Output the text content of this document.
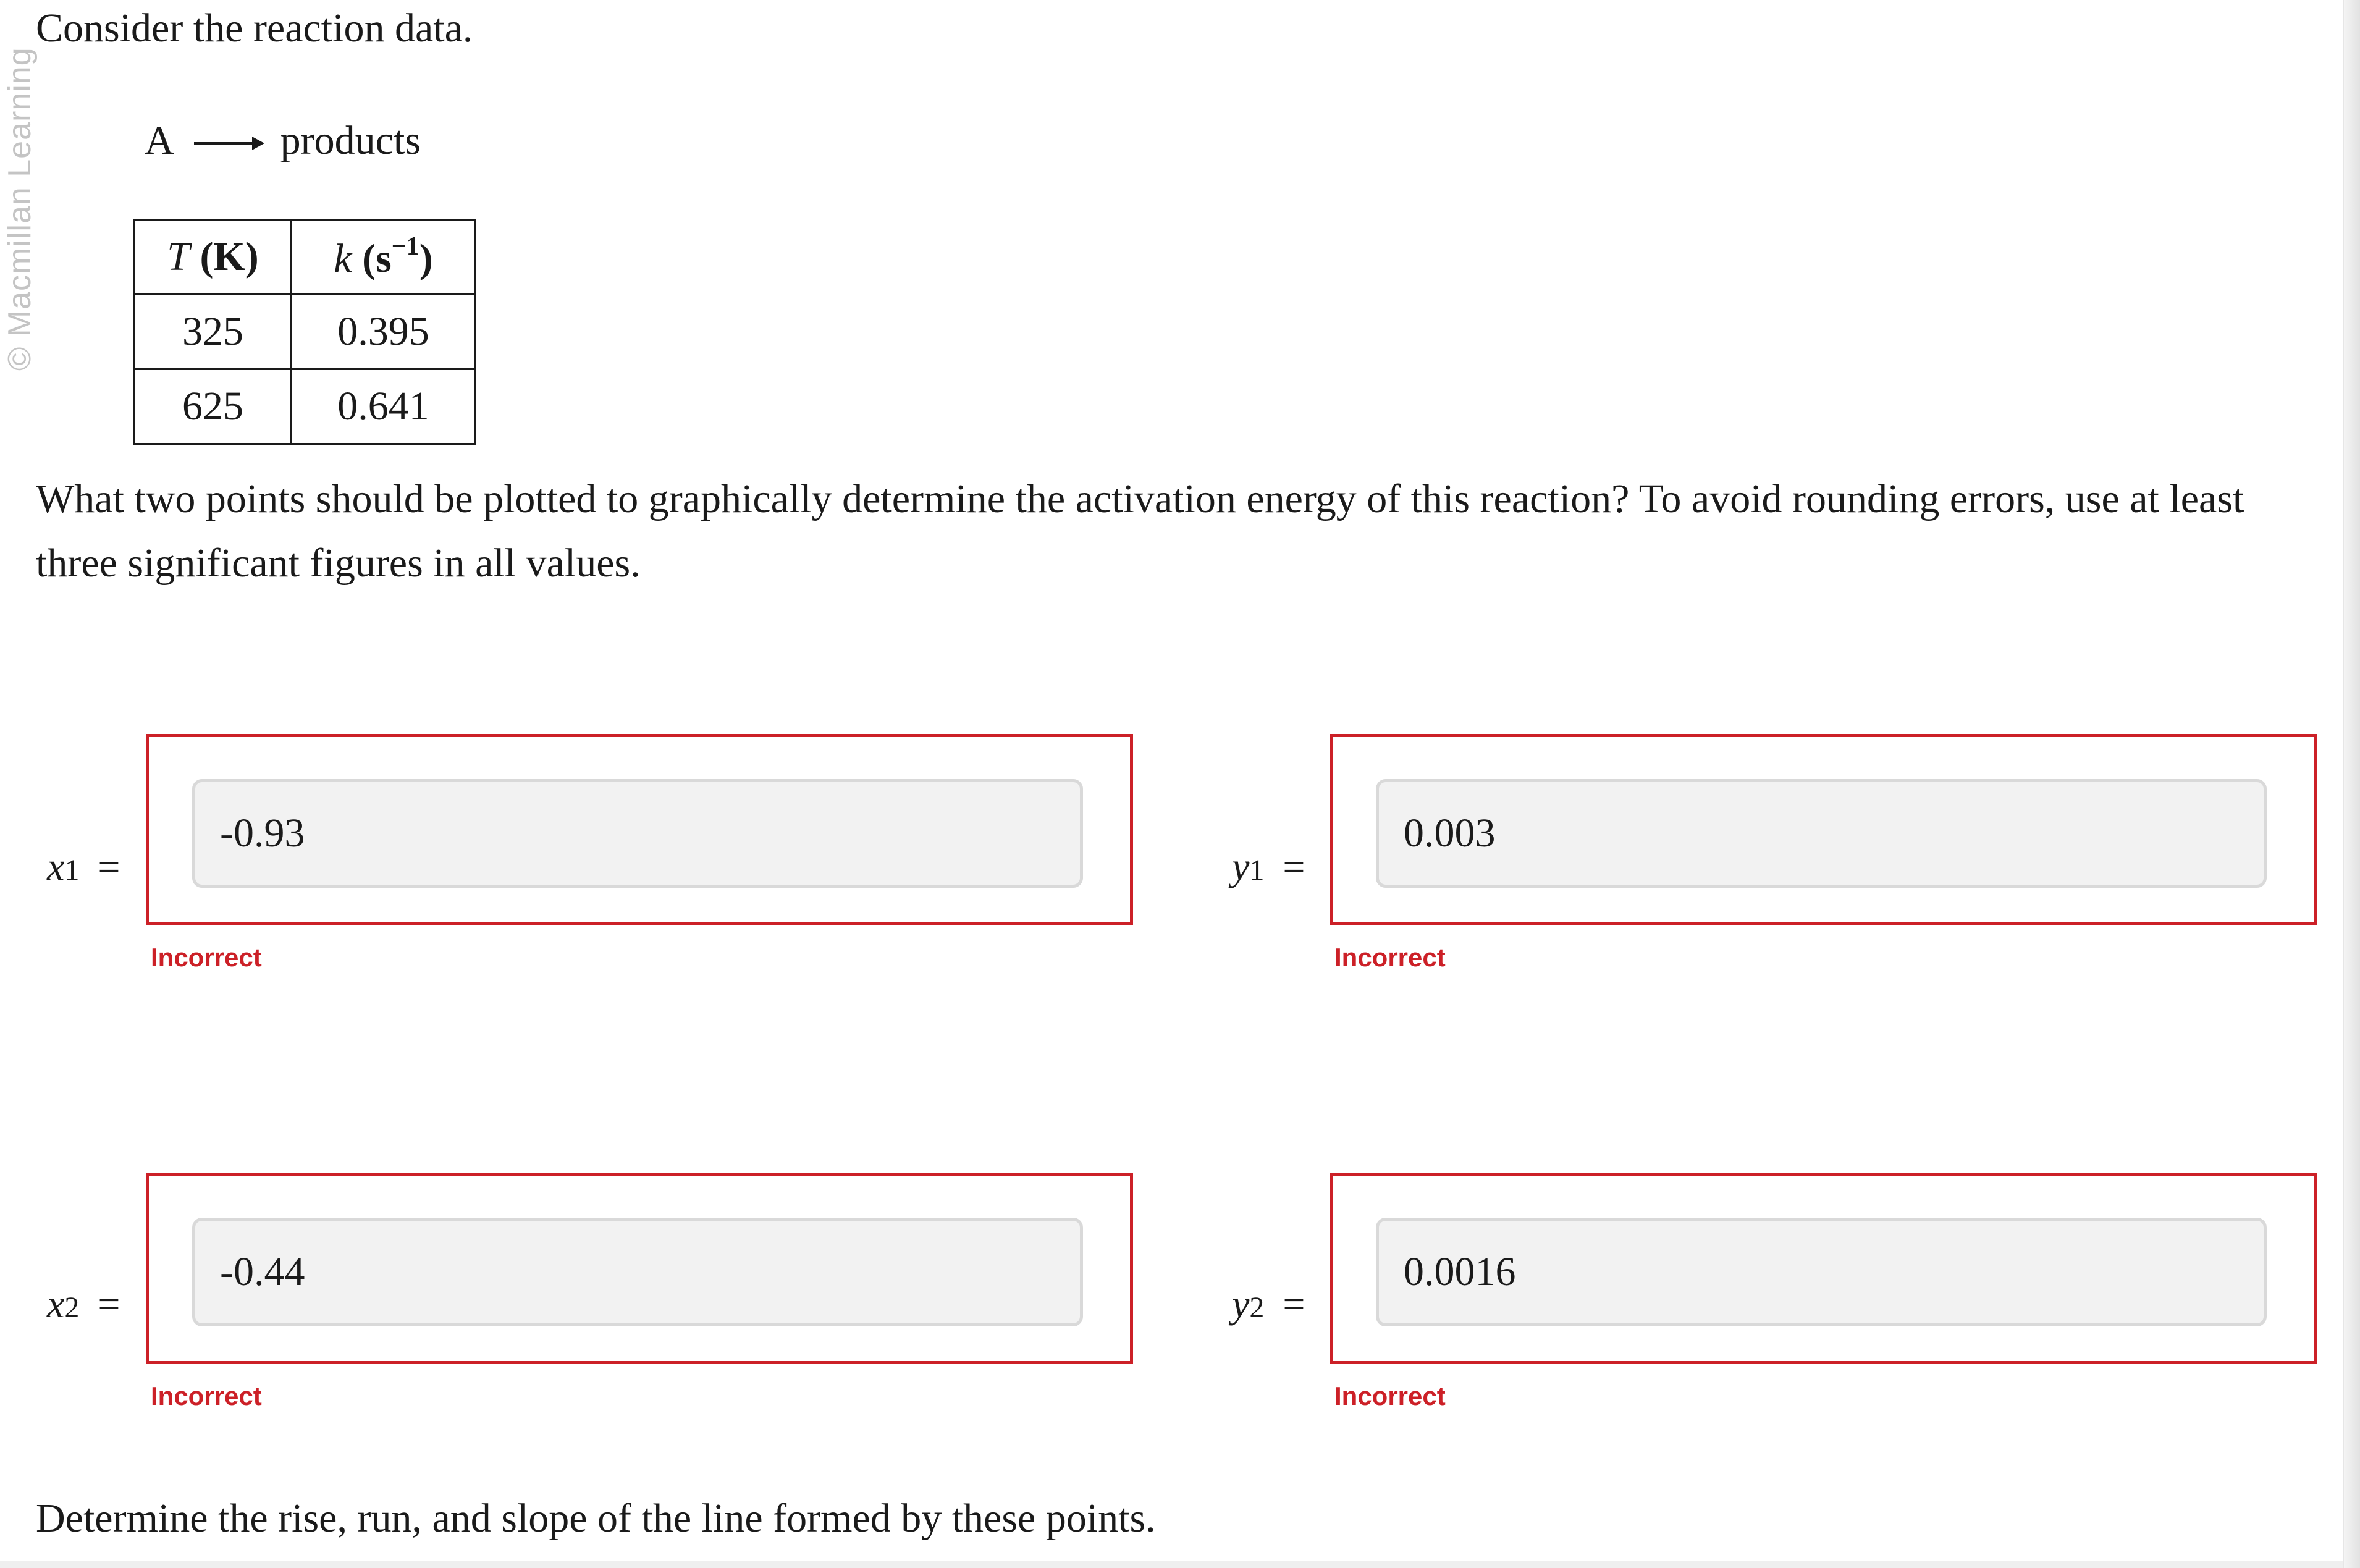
© Macmillan Learning

Consider the reaction data.

A → products
T (K)	k $(s^{-1})$
325	0.395
625	0.641

What two points should be plotted to graphically determine the activation energy of this reaction? To avoid rounding errors, use at least three significant figures in all values.

x 1 =
-0.93
Incorrect
y 1 =
0.003
Incorrect
x 2 =
-0.44
Incorrect
y 2 =
0.0016
Incorrect

Determine the rise, run, and slope of the line formed by these points.
